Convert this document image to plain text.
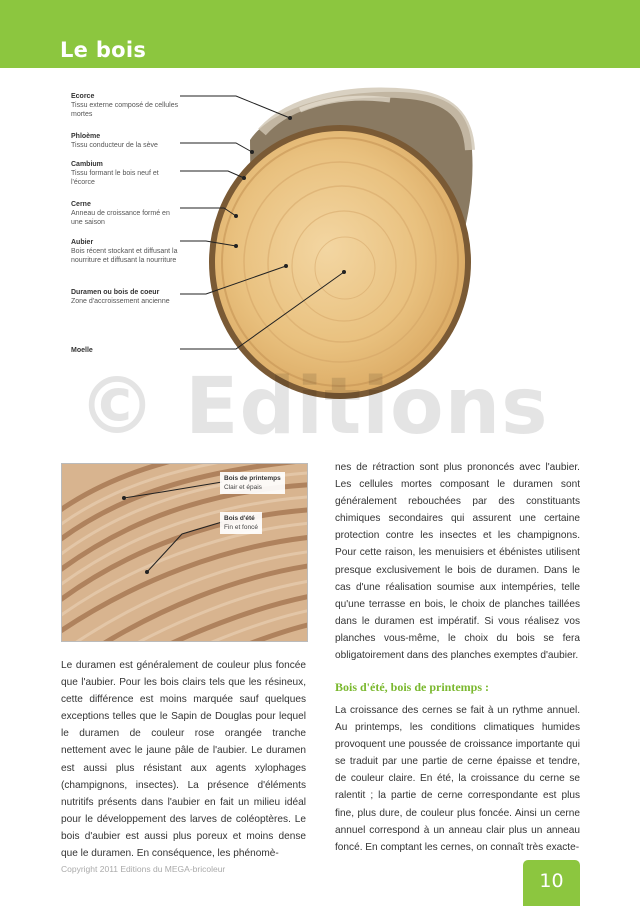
Le bois
Ecorce
Tissu externe composé de cellules mortes
Phloème
Tissu conducteur de la sève
Cambium
Tissu formant le bois neuf et l'écorce
Cerne
Anneau de croissance formé en une saison
Aubier
Bois récent stockant et diffusant la nourriture et diffusant la nourriture
Duramen ou bois de coeur
Zone d'accroissement ancienne
Moelle
© Editions
Bois de printemps
Clair et épais
Bois d'été
Fin et foncé

nes de rétraction sont plus prononcés avec l'aubier. Les cellules mortes composant le duramen sont généralement rebouchées par des constituants chimiques secondaires qui assurent une certaine protection contre les insectes et les champignons. Pour cette raison, les menuisiers et ébénistes utilisent presque exclusivement le bois de duramen. Dans le cas d'une réalisation soumise aux intempéries, telle qu'une terrasse en bois, le choix de planches taillées dans le duramen est impératif. Si vous réalisez vos planches vous-même, le choix du bois se fera obligatoirement dans des planches exemptes d'aubier.

Le duramen est généralement de couleur plus foncée que l'aubier. Pour les bois clairs tels que les résineux, cette différence est moins marquée sauf quelques exceptions telles que le Sapin de Douglas pour lequel le duramen de couleur rose orangée tranche nettement avec le jaune pâle de l'aubier. Le duramen est aussi plus résistant aux agents xylophages (champignons, insectes). La présence d'éléments nutritifs présents dans l'aubier en fait un milieu idéal pour le développement des larves de coléoptères. Le bois d'aubier est aussi plus poreux et moins dense que le duramen. En conséquence, les phénomè-

Bois d'été, bois de printemps :

La croissance des cernes se fait à un rythme annuel. Au printemps, les conditions climatiques humides provoquent une poussée de croissance importante qui se traduit par une partie de cerne épaisse et tendre, de couleur claire. En été, la croissance du cerne se ralentit ; la partie de cerne correspondante est plus fine, plus dure, de couleur plus foncée. Ainsi un cerne annuel correspond à un anneau clair plus un anneau foncé. En comptant les cernes, on connaît très exacte-

Copyright 2011 Editions du MEGA-bricoleur
10
